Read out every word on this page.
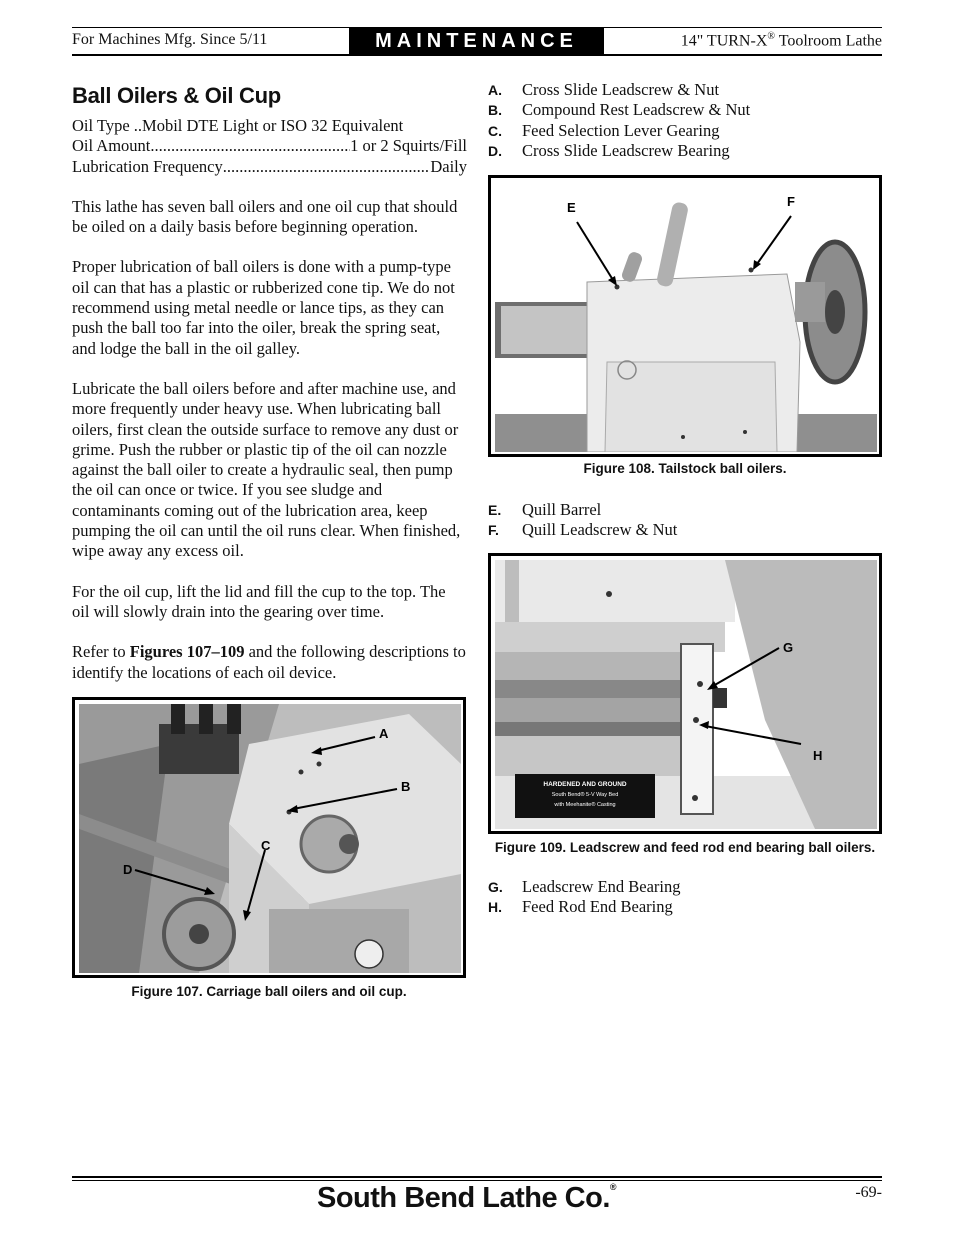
For Machines Mfg. Since 5/11	MAINTENANCE	14" TURN-X® Toolroom Lathe
Ball Oilers & Oil Cup
Oil Type .. Mobil DTE Light or ISO 32 Equivalent
Oil Amount .....	1 or 2 Squirts/Fill
Lubrication Frequency .....	Daily

This lathe has seven ball oilers and one oil cup that should be oiled on a daily basis before beginning operation.

Proper lubrication of ball oilers is done with a pump-type oil can that has a plastic or rubberized cone tip. We do not recommend using metal needle or lance tips, as they can push the ball too far into the oiler, break the spring seat, and lodge the ball in the oil galley.

Lubricate the ball oilers before and after machine use, and more frequently under heavy use. When lubricating ball oilers, first clean the outside surface to remove any dust or grime. Push the rubber or plastic tip of the oil can nozzle against the ball oiler to create a hydraulic seal, then pump the oil can once or twice. If you see sludge and contaminants coming out of the lubrication area, keep pumping the oil can until the oil runs clear. When finished, wipe away any excess oil.

For the oil cup, lift the lid and fill the cup to the top. The oil will slowly drain into the gearing over time.

Refer to Figures 107–109 and the following descriptions to identify the locations of each oil device.

A
B
C
D
Figure 107. Carriage ball oilers and oil cup.
A.	Cross Slide Leadscrew & Nut
B.	Compound Rest Leadscrew & Nut
C.	Feed Selection Lever Gearing
D.	Cross Slide Leadscrew Bearing
E	F
Figure 108. Tailstock ball oilers.
E.	Quill Barrel
F.	Quill Leadscrew & Nut
G
H
HARDENED AND GROUND
South Bend® 5-V Way Bed
with Meehanite® Casting
Figure 109. Leadscrew and feed rod end bearing ball oilers.
G.	Leadscrew End Bearing
H.	Feed Rod End Bearing
South Bend Lathe Co.®	-69-
